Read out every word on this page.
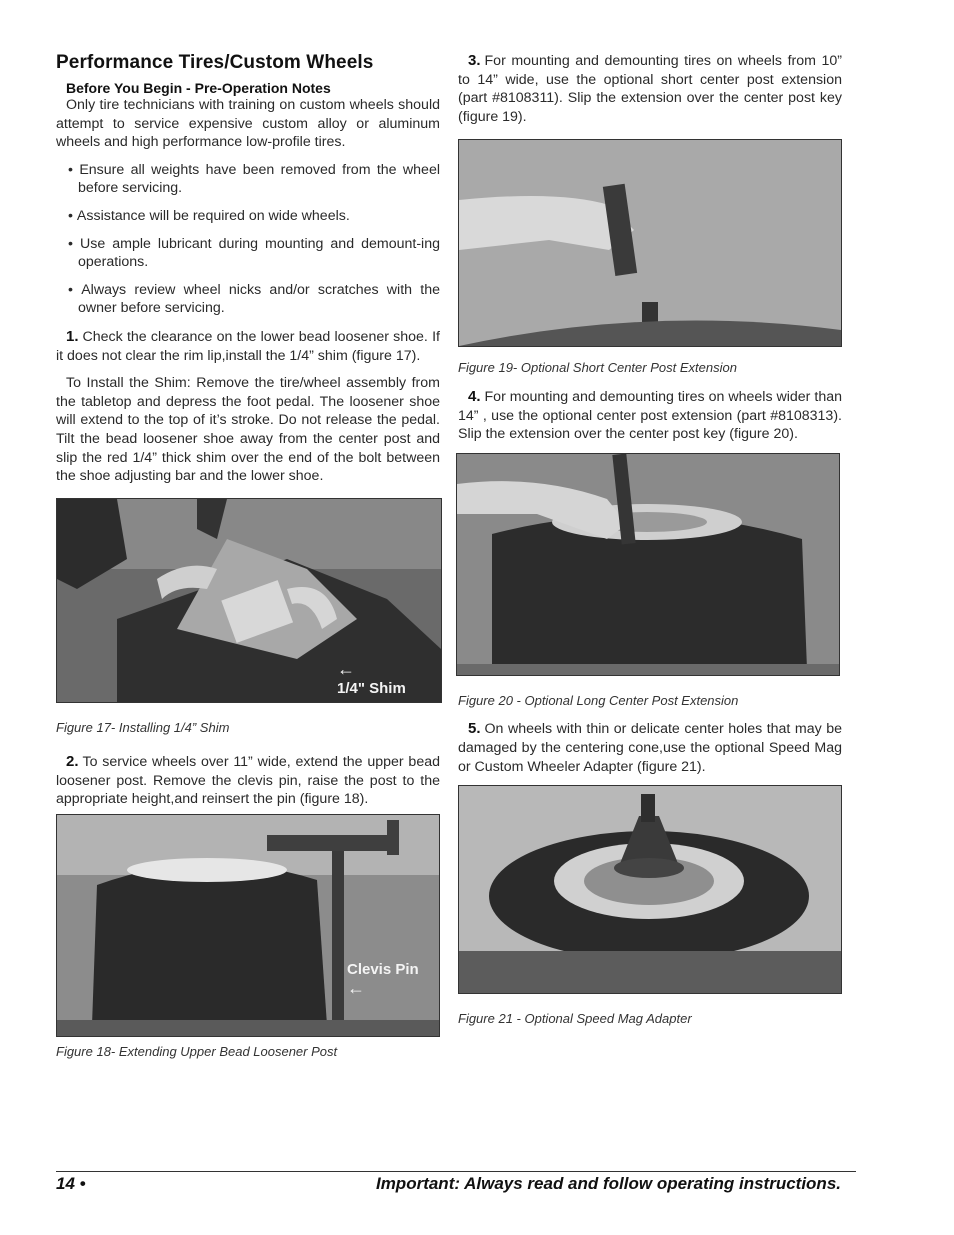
Performance Tires/Custom Wheels
Before You Begin - Pre-Operation Notes

Only tire technicians with training on custom wheels should attempt to service expensive custom alloy or aluminum wheels and high performance low-profile tires.

• Ensure all weights have been removed from the wheel before servicing.
• Assistance will be required on wide wheels.
• Use ample lubricant during mounting and demount-ing operations.
• Always review wheel nicks and/or scratches with the owner before servicing.

1. Check the clearance on the lower bead loosener shoe. If it does not clear the rim lip,install the 1/4” shim (figure 17).

To Install the Shim: Remove the tire/wheel assembly from the tabletop and depress the foot pedal. The loosener shoe will extend to the top of it’s stroke. Do not release the pedal. Tilt the bead loosener shoe away from the center post and slip the red 1/4” thick shim over the end of the bolt between the shoe adjusting bar and the lower shoe.

←
1/4" Shim

Figure 17- Installing 1/4” Shim

2. To service wheels over 11” wide, extend the upper bead loosener post. Remove the clevis pin, raise the post to the appropriate height,and reinsert the pin (figure 18).

Clevis Pin
←

Figure 18- Extending Upper Bead Loosener Post

3. For mounting and demounting tires on wheels from 10” to 14” wide, use the optional short center post extension (part #8108311). Slip the extension over the center post key (figure 19).

Figure 19- Optional Short Center Post Extension

4. For mounting and demounting tires on wheels wider than 14” , use the optional center post extension (part #8108313). Slip the extension over the center post key (figure 20).

Figure 20 - Optional Long Center Post Extension

5. On wheels with thin or delicate center holes that may be damaged by the centering cone,use the optional Speed Mag or Custom Wheeler Adapter (figure 21).

Figure 21 - Optional Speed Mag Adapter

14 •	Important: Always read and follow operating instructions.
